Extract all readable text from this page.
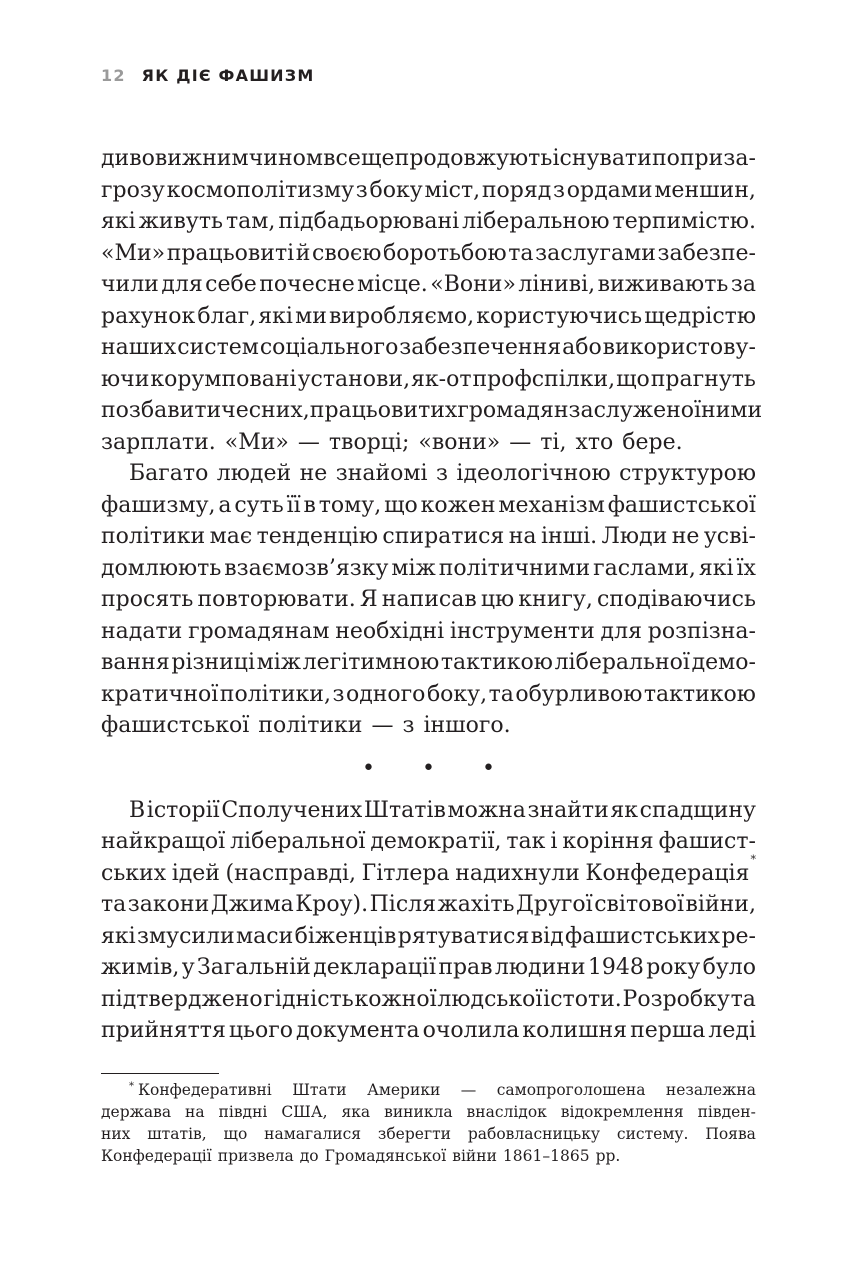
12 ЯК ДІЄ ФАШИЗМ
дивовижним чином все ще продовжують існувати попри за-
грозу космополітизму з боку міст, поряд з ордами меншин,
які живуть там, підбадьорювані ліберальною терпимістю.
«Ми» працьовиті й своєю боротьбою та заслугами забезпе-
чили для себе почесне місце. «Вони» ліниві, виживають за
рахунок благ, які ми виробляємо, користуючись щедрістю
наших систем соціального забезпечення або використову-
ючи корумповані установи, як-от профспілки, що прагнуть
позбавити чесних, працьовитих громадян заслуженої ними
зарплати. «Ми» — творці; «вони» — ті, хто бере.
Багато людей не знайомі з ідеологічною структурою
фашизму, а суть її в тому, що кожен механізм фашистської
політики має тенденцію спиратися на інші. Люди не усві-
домлюють взаємозв’язку між політичними гаслами, які їх
просять повторювати. Я написав цю книгу, сподіваючись
надати громадянам необхідні інструменти для розпізна-
вання різниці між легітимною тактикою ліберальної демо-
кратичної політики, з одного боку, та обурливою тактикою
фашистської політики — з іншого.
• • •
В історії Сполучених Штатів можна знайти як спадщину
найкращої ліберальної демократії, так і коріння фашист-
ських ідей (насправді, Гітлера надихнули Конфедерація*
та закони Джима Кроу). Після жахіть Другої світової війни,
які змусили маси біженців рятуватися від фашистських ре-
жимів, у Загальній декларації прав людини 1948 року було
підтверджено гідність кожної людської істоти. Розробку та
прийняття цього документа очолила колишня перша леді
* Конфедеративні Штати Америки — самопроголошена незалежна
держава на півдні США, яка виникла внаслідок відокремлення півден-
них штатів, що намагалися зберегти рабовласницьку систему. Поява
Конфедерації призвела до Громадянської війни 1861–1865 рр.
